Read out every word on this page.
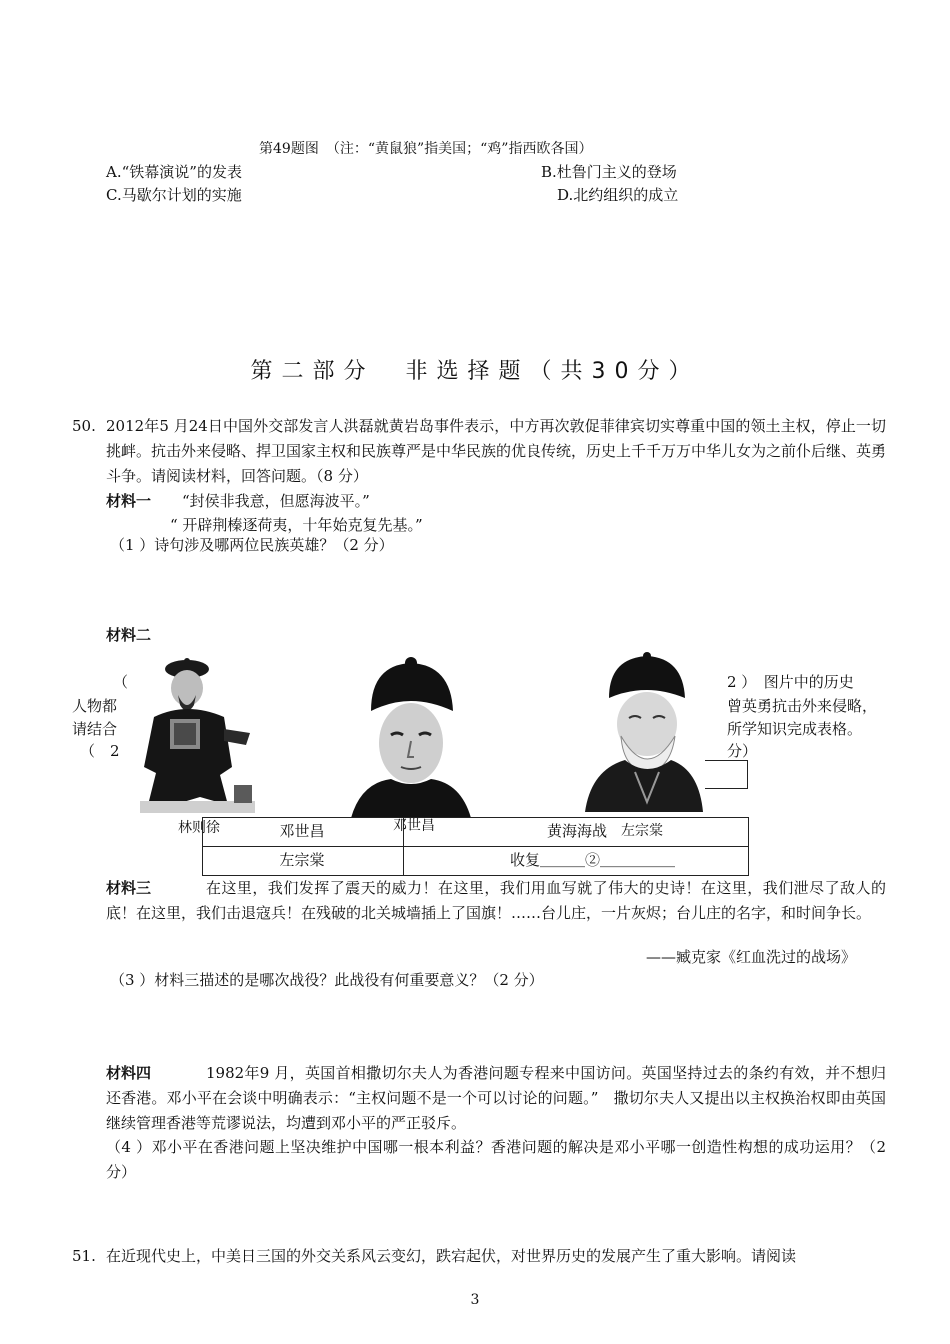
第49题图　（注：“黄鼠狼”指美国；“鸡”指西欧各国）
A.“铁幕演说”的发表	B.杜鲁门主义的登场
C.马歇尔计划的实施	D.北约组织的成立
第二部分　非选择题（共30分）
50. 2012年5 月24日中国外交部发言人洪磊就黄岩岛事件表示，中方再次敦促菲律宾切实尊重中国的领土主权，停止一切挑衅。抗击外来侵略、捍卫国家主权和民族尊严是中华民族的优良传统，历史上千千万万中华儿女为之前仆后继、英勇斗争。请阅读材料，回答问题。（8 分）
材料一 “封侯非我意，但愿海波平。”
“ 开辟荆榛逐荷夷，十年始克复先基。”
（1 ）诗句涉及哪两位民族英雄？（2 分）
材料二
（
人物都
请结合
（　2
2 ）　图片中的历史
曾英勇抗击外来侵略，
所学知识完成表格。
分）
林则徐	邓世昌	左宗棠
邓世昌	黄海海战
左宗棠	收复＿＿＿②＿＿＿＿＿
材料三	在这里，我们发挥了震天的威力！在这里，我们用血写就了伟大的史诗！在这里，我们泄尽了敌人的底！在这里，我们击退寇兵！在残破的北关城墙插上了国旗！……台儿庄，一片灰烬；台儿庄的名字，和时间争长。
——臧克家《红血洗过的战场》
（3 ）材料三描述的是哪次战役？此战役有何重要意义？（2 分）
材料四	1982年9 月，英国首相撒切尔夫人为香港问题专程来中国访问。英国坚持过去的条约有效，并不想归还香港。邓小平在会谈中明确表示：“主权问题不是一个可以讨论的问题。”　撒切尔夫人又提出以主权换治权即由英国继续管理香港等荒谬说法，均遭到邓小平的严正驳斥。
（4 ）邓小平在香港问题上坚决维护中国哪一根本利益？香港问题的解决是邓小平哪一创造性构想的成功运用？（2 分）
51. 在近现代史上，中美日三国的外交关系风云变幻，跌宕起伏，对世界历史的发展产生了重大影响。请阅读
3
